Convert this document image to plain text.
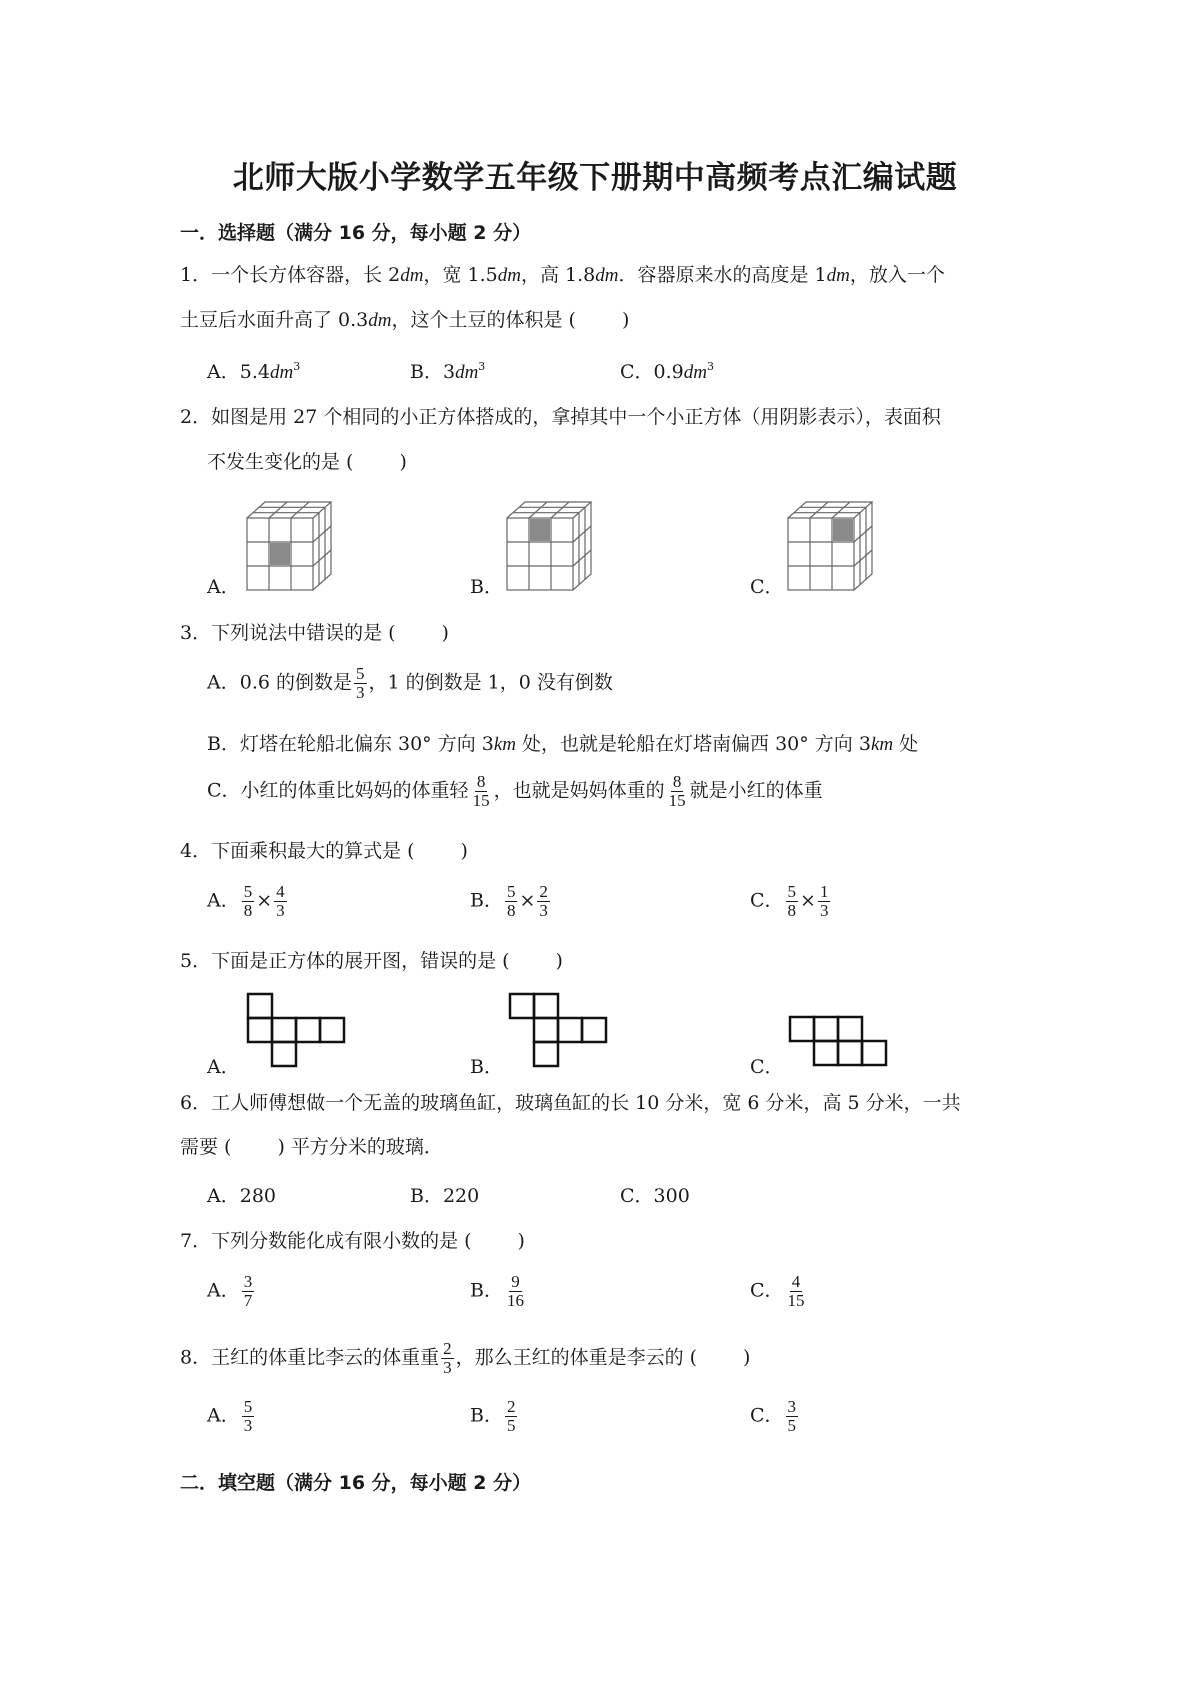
北师大版小学数学五年级下册期中高频考点汇编试题
一．选择题（满分 16 分，每小题 2 分）
1．一个长方体容器，长 2dm，宽 1.5dm，高 1.8dm．容器原来水的高度是 1dm，放入一个
土豆后水面升高了 0.3dm，这个土豆的体积是 ( )
A．$5.4dm^3$	B．$3dm^3$	C．$0.9dm^3$
2．如图是用 27 个相同的小正方体搭成的，拿掉其中一个小正方体（用阴影表示），表面积
不发生变化的是 ( )
A．	B．	C．
3．下列说法中错误的是 ( )
A．0.6 的倒数是 $\frac{5}{3}$ ，1 的倒数是 1，0 没有倒数
B．灯塔在轮船北偏东 30° 方向 3km 处，也就是轮船在灯塔南偏西 30° 方向 3km 处
C．小红的体重比妈妈的体重轻 $\frac{8}{15}$ ，也就是妈妈体重的 $\frac{8}{15}$ 就是小红的体重
4．下面乘积最大的算式是 ( )
A． $\frac{5}{8} \times \frac{4}{3}$	B． $\frac{5}{8} \times \frac{2}{3}$	C． $\frac{5}{8} \times \frac{1}{3}$
5．下面是正方体的展开图，错误的是 ( )
A．	B．	C．
6．工人师傅想做一个无盖的玻璃鱼缸，玻璃鱼缸的长 10 分米，宽 6 分米，高 5 分米，一共
需要 ( ) 平方分米的玻璃．
A．280	B．220	C．300
7．下列分数能化成有限小数的是 ( )
A． $\frac{3}{7}$	B． $\frac{9}{16}$	C． $\frac{4}{15}$
8．王红的体重比李云的体重重 $\frac{2}{3}$ ，那么王红的体重是李云的 ( )
A． $\frac{5}{3}$	B． $\frac{2}{5}$	C． $\frac{3}{5}$
二．填空题（满分 16 分，每小题 2 分）
